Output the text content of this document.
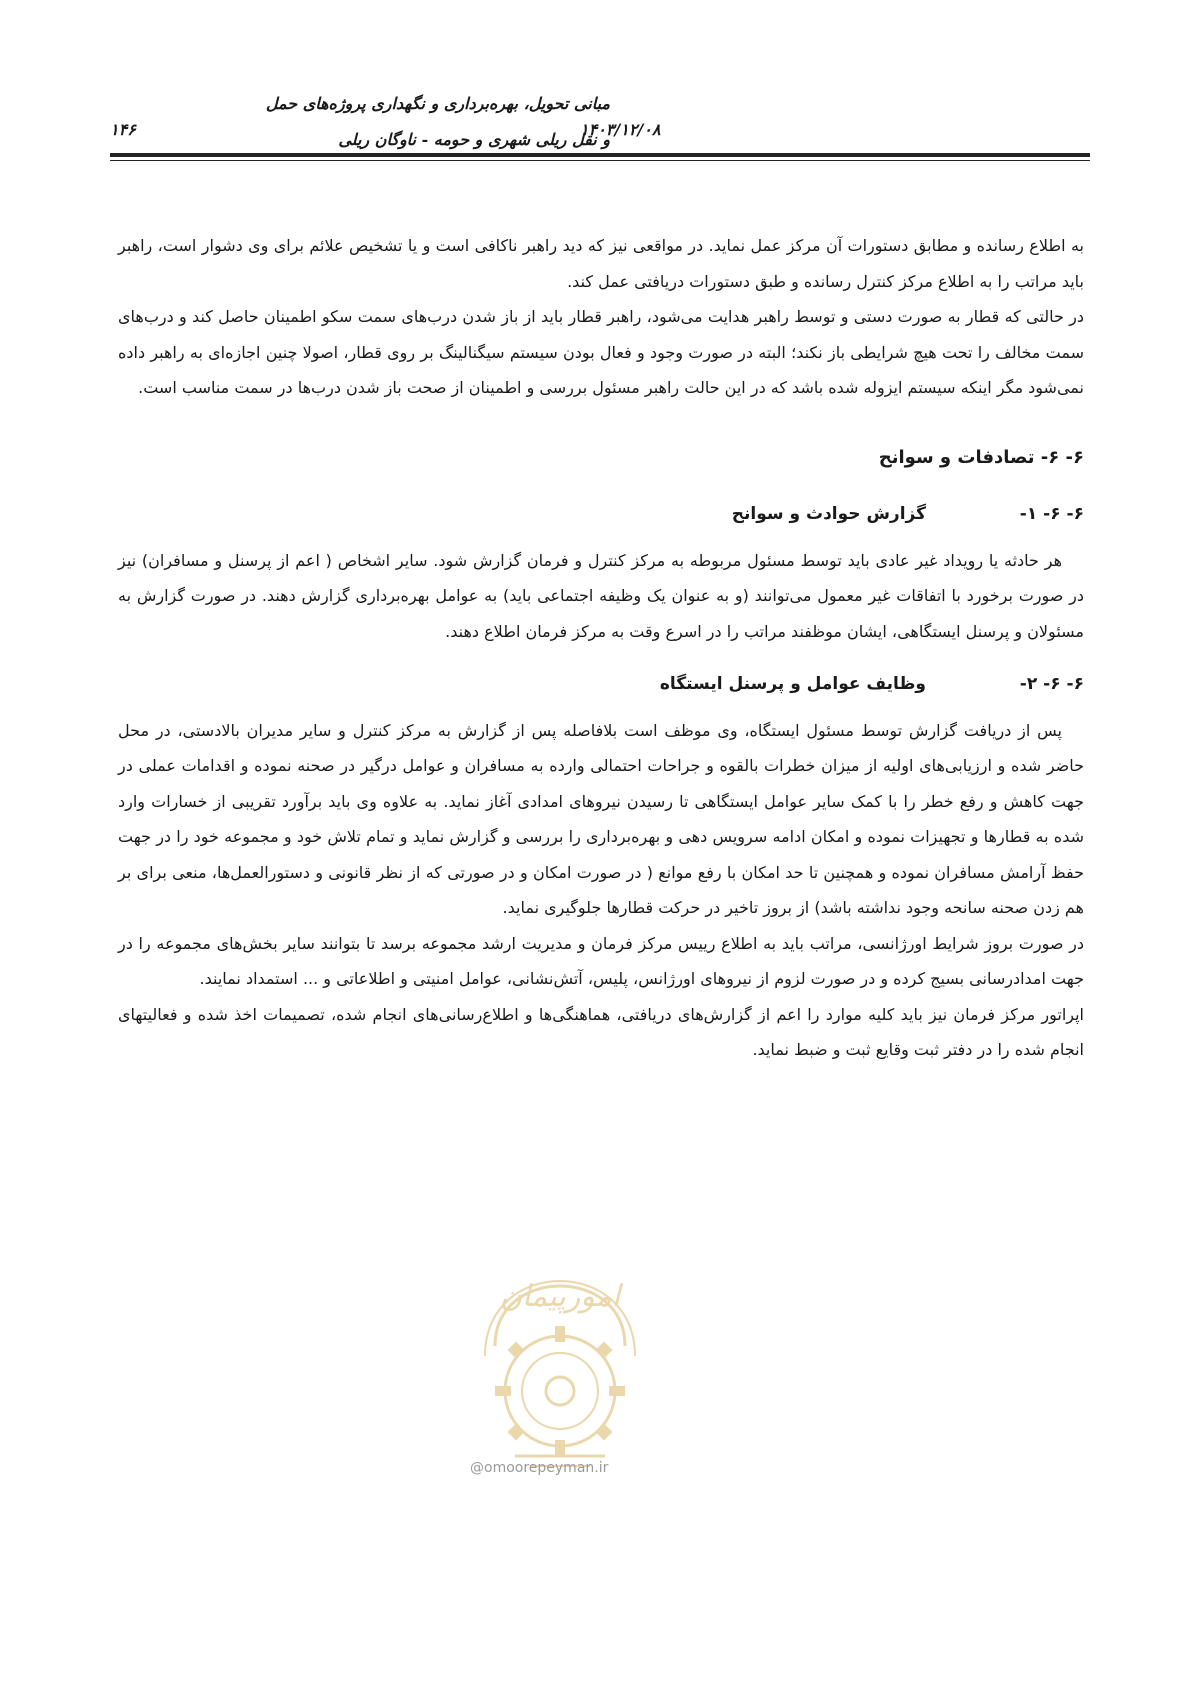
مبانی تحویل، بهره‌برداری و نگهداری پروژه‌های حمل
و نقل ریلی شهری و حومه - ناوگان ریلی
۱۴۰۳/۱۲/۰۸
۱۴۶

به اطلاع رسانده و مطابق دستورات آن مرکز عمل نماید. در مواقعی نیز که دید راهبر ناکافی است و یا تشخیص علائم برای وی دشوار است، راهبر باید مراتب را به اطلاع مرکز کنترل رسانده و طبق دستورات دریافتی عمل کند.

در حالتی که قطار به صورت دستی و توسط راهبر هدایت می‌شود، راهبر قطار باید از باز شدن درب‌های سمت سکو اطمینان حاصل کند و درب‌های سمت مخالف را تحت هیچ شرایطی باز نکند؛ البته در صورت وجود و فعال بودن سیستم سیگنالینگ بر روی قطار، اصولا چنین اجازه‌ای به راهبر داده نمی‌شود مگر اینکه سیستم ایزوله شده باشد که در این حالت راهبر مسئول بررسی و اطمینان از صحت باز شدن درب‌ها در سمت مناسب است.

۶- ۶- تصادفات و سوانح

۶- ۶- ۱-
گزارش حوادث و سوانح

هر حادثه یا رویداد غیر عادی باید توسط مسئول مربوطه به مرکز کنترل و فرمان گزارش شود. سایر اشخاص ( اعم از پرسنل و مسافران) نیز در صورت برخورد با اتفاقات غیر معمول می‌توانند (و به عنوان یک وظیفه اجتماعی باید) به عوامل بهره‌برداری گزارش دهند. در صورت گزارش به مسئولان و پرسنل ایستگاهی، ایشان موظفند مراتب را در اسرع وقت به مرکز فرمان اطلاع دهند.

۶- ۶- ۲-
وظایف عوامل و پرسنل ایستگاه

پس از دریافت گزارش توسط مسئول ایستگاه، وی موظف است بلافاصله پس از گزارش به مرکز کنترل و سایر مدیران بالادستی، در محل حاضر شده و ارزیابی‌های اولیه از میزان خطرات بالقوه و جراحات احتمالی وارده به مسافران و عوامل درگیر در صحنه نموده و اقدامات عملی در جهت کاهش و رفع خطر را با کمک سایر عوامل ایستگاهی تا رسیدن نیروهای امدادی آغاز نماید. به علاوه وی باید برآورد تقریبی از خسارات وارد شده به قطارها و تجهیزات نموده و امکان ادامه سرویس دهی و بهره‌برداری را بررسی و گزارش نماید و تمام تلاش خود و مجموعه خود را در جهت حفظ آرامش مسافران نموده و همچنین تا حد امکان با رفع موانع ( در صورت امکان و در صورتی که از نظر قانونی و دستورالعمل‌ها، منعی برای بر هم زدن صحنه سانحه وجود نداشته باشد) از بروز تاخیر در حرکت قطارها جلوگیری نماید.

در صورت بروز شرایط اورژانسی، مراتب باید به اطلاع رییس مرکز فرمان و مدیریت ارشد مجموعه برسد تا بتوانند سایر بخش‌های مجموعه را در جهت امدادرسانی بسیج کرده و در صورت لزوم از نیروهای اورژانس، پلیس، آتش‌نشانی، عوامل امنیتی و اطلاعاتی و ... استمداد نمایند.

اپراتور مرکز فرمان نیز باید کلیه موارد را اعم از گزارش‌های دریافتی، هماهنگی‌ها و اطلاع‌رسانی‌های انجام شده، تصمیمات اخذ شده و فعالیتهای انجام شده را در دفتر ثبت وقایع ثبت و ضبط نماید.

امورپیمان
@omoorepeyman.ir
